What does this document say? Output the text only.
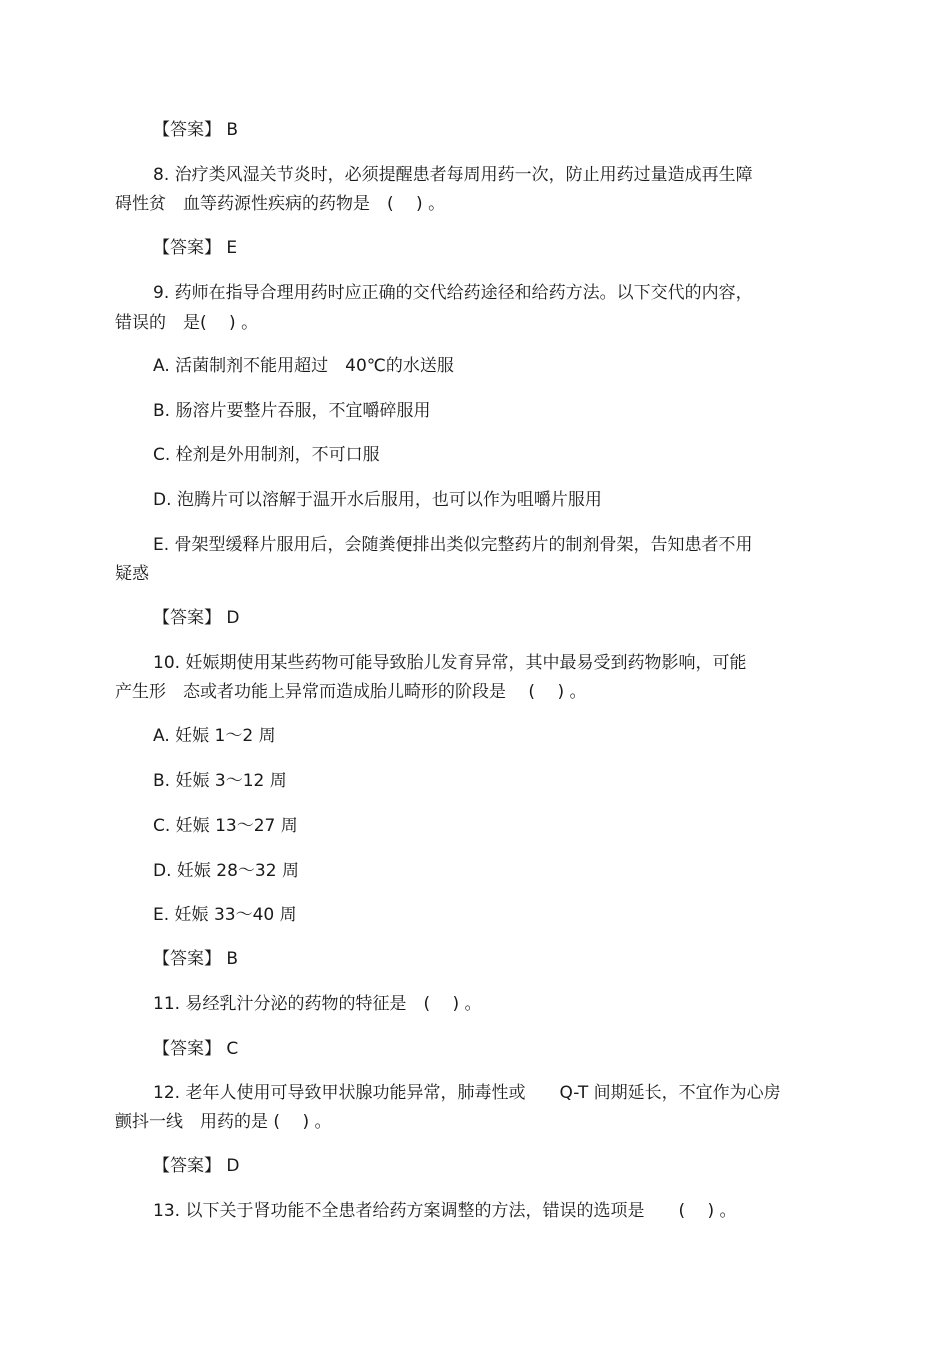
【答案】 B
8. 治疗类风湿关节炎时，必须提醒患者每周用药一次，防止用药过量造成再生障
碍性贫　血等药源性疾病的药物是　(　 ) 。
【答案】 E
9. 药师在指导合理用药时应正确的交代给药途径和给药方法。以下交代的内容，
错误的　是(　 ) 。
A. 活菌制剂不能用超过　40℃的水送服
B. 肠溶片要整片吞服，不宜嚼碎服用
C. 栓剂是外用制剂，不可口服
D. 泡腾片可以溶解于温开水后服用，也可以作为咀嚼片服用
E. 骨架型缓释片服用后，会随粪便排出类似完整药片的制剂骨架，告知患者不用
疑惑
【答案】 D
10. 妊娠期使用某些药物可能导致胎儿发育异常，其中最易受到药物影响，可能
产生形　态或者功能上异常而造成胎儿畸形的阶段是　 (　 ) 。
A. 妊娠 1～2 周
B. 妊娠 3～12 周
C. 妊娠 13～27 周
D. 妊娠 28～32 周
E. 妊娠 33～40 周
【答案】 B
11. 易经乳汁分泌的药物的特征是　(　 ) 。
【答案】 C
12. 老年人使用可导致甲状腺功能异常，肺毒性或　　Q-T 间期延长，不宜作为心房
颤抖一线　用药的是 (　 ) 。
【答案】 D
13. 以下关于肾功能不全患者给药方案调整的方法，错误的选项是　　(　 ) 。
